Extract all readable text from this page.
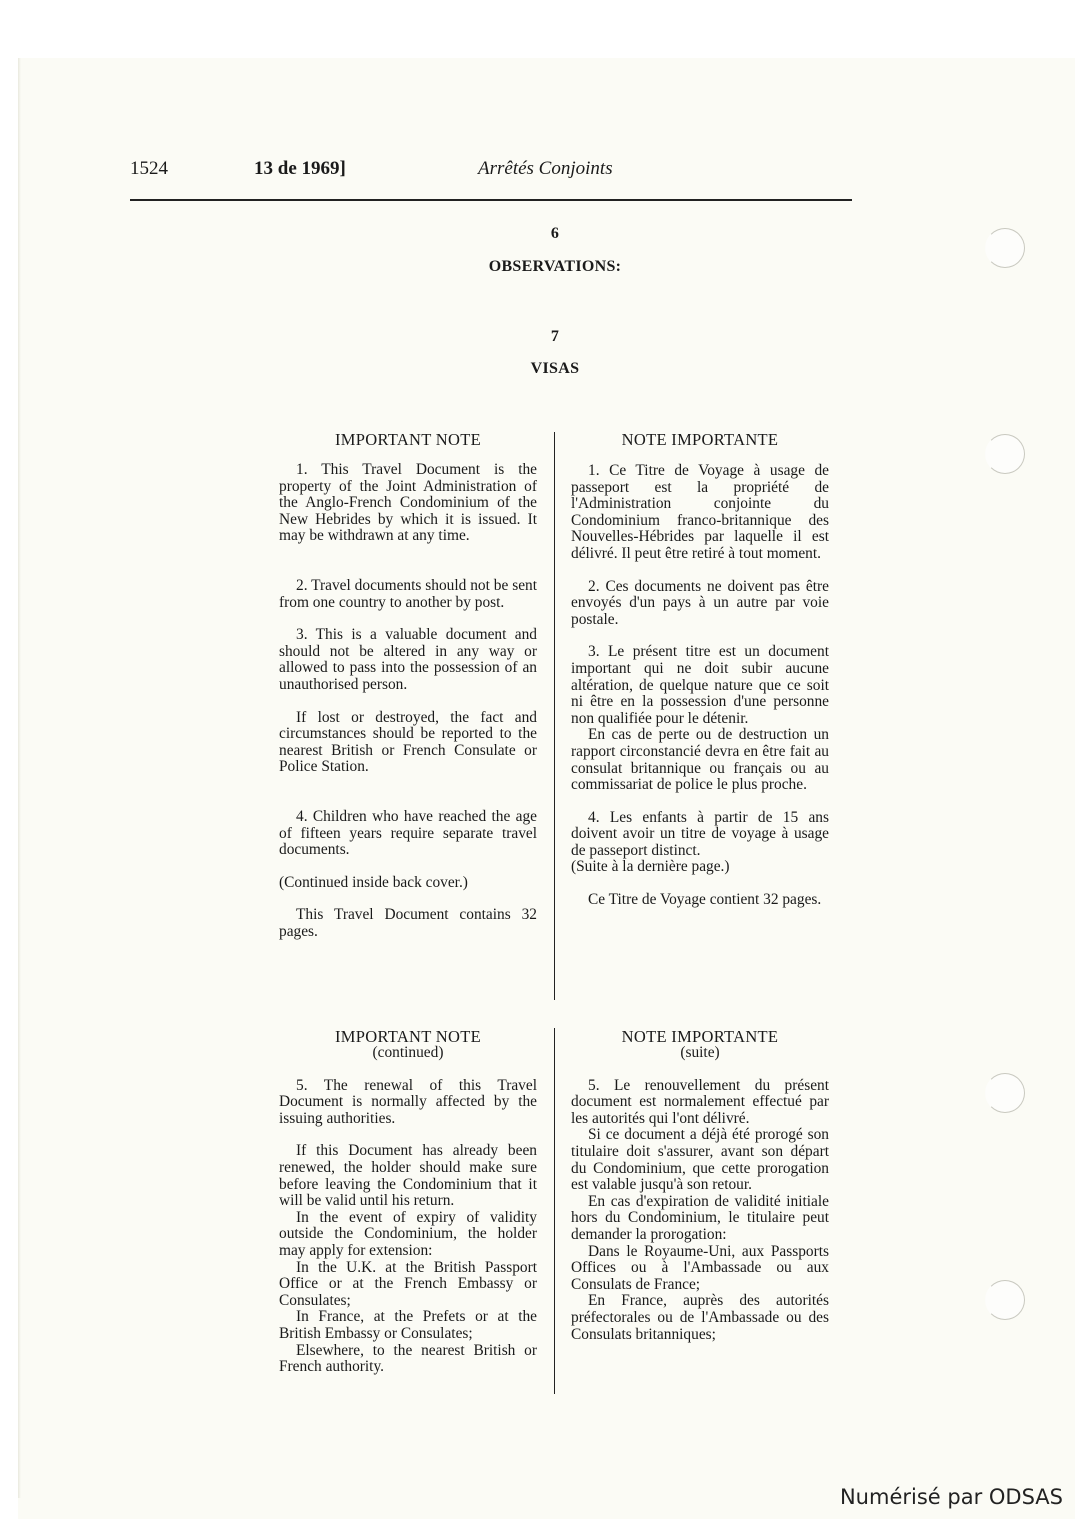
1524	13 de 1969]	Arrêtés Conjoints
6
OBSERVATIONS:
7
VISAS

IMPORTANT NOTE

1. This Travel Document is the property of the Joint Administration of the Anglo-French Condominium of the New Hebrides by which it is issued. It may be withdrawn at any time.

2. Travel documents should not be sent from one country to another by post.

3. This is a valuable document and should not be altered in any way or allowed to pass into the possession of an unauthorised person.

If lost or destroyed, the fact and circumstances should be reported to the nearest British or French Consulate or Police Station.

4. Children who have reached the age of fifteen years require separate travel documents.

(Continued inside back cover.)

This Travel Document contains 32 pages.

NOTE IMPORTANTE

1. Ce Titre de Voyage à usage de passeport est la propriété de l'Administration conjointe du Condominium franco-britannique des Nouvelles-Hébrides par laquelle il est délivré. Il peut être retiré à tout moment.

2. Ces documents ne doivent pas être envoyés d'un pays à un autre par voie postale.

3. Le présent titre est un document important qui ne doit subir aucune altération, de quelque nature que ce soit ni être en la possession d'une personne non qualifiée pour le détenir.

En cas de perte ou de destruction un rapport circonstancié devra en être fait au consulat britannique ou français ou au commissariat de police le plus proche.

4. Les enfants à partir de 15 ans doivent avoir un titre de voyage à usage de passeport distinct.

(Suite à la dernière page.)

Ce Titre de Voyage contient 32 pages.

IMPORTANT NOTE

(continued)

5. The renewal of this Travel Document is normally affected by the issuing authorities.

If this Document has already been renewed, the holder should make sure before leaving the Condominium that it will be valid until his return.

In the event of expiry of validity outside the Condominium, the holder may apply for extension:

In the U.K. at the British Passport Office or at the French Embassy or Consulates;

In France, at the Prefets or at the British Embassy or Consulates;

Elsewhere, to the nearest British or French authority.

NOTE IMPORTANTE

(suite)

5. Le renouvellement du présent document est normalement effectué par les autorités qui l'ont délivré.

Si ce document a déjà été prorogé son titulaire doit s'assurer, avant son départ du Condominium, que cette prorogation est valable jusqu'à son retour.

En cas d'expiration de validité initiale hors du Condominium, le titulaire peut demander la prorogation:

Dans le Royaume-Uni, aux Passports Offices ou à l'Ambassade ou aux Consulats de France;

En France, auprès des autorités préfectorales ou de l'Ambassade ou des Consulats britanniques;

Numérisé par ODSAS
